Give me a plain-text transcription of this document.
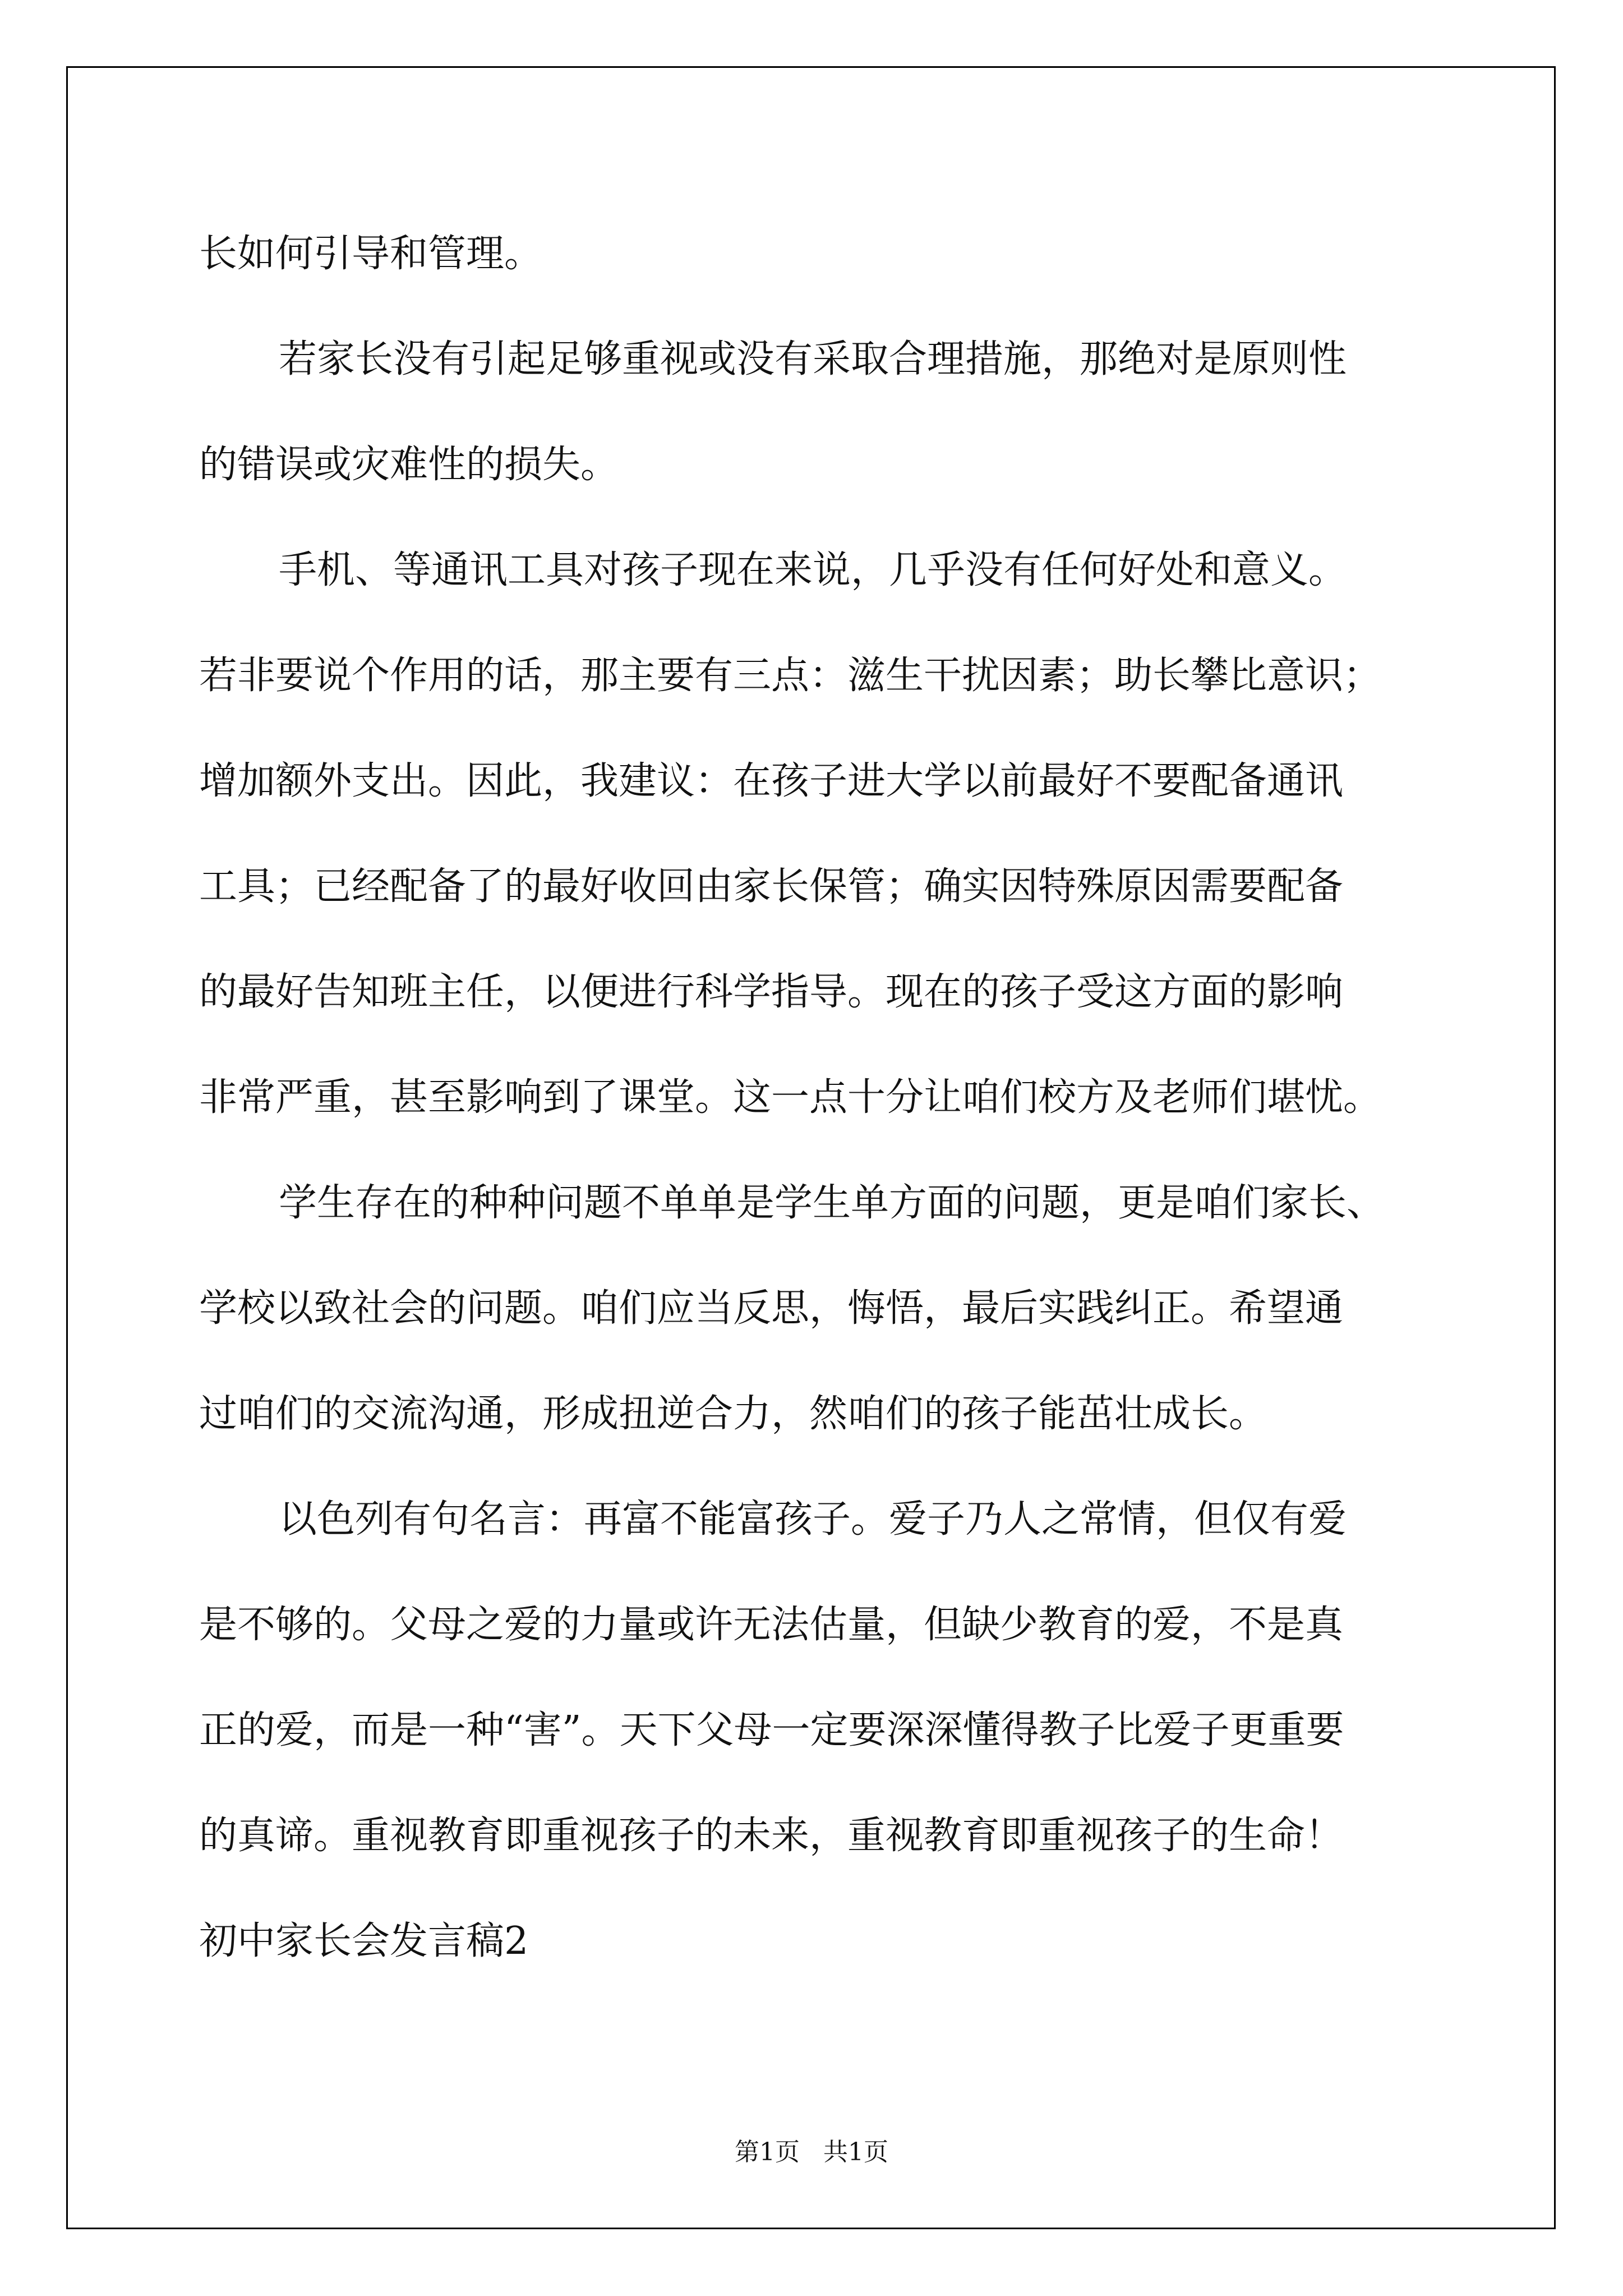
长如何引导和管理。
若家长没有引起足够重视或没有采取合理措施，那绝对是原则性
的错误或灾难性的损失。
手机、等通讯工具对孩子现在来说，几乎没有任何好处和意义。
若非要说个作用的话，那主要有三点：滋生干扰因素；助长攀比意识；
增加额外支出。因此，我建议：在孩子进大学以前最好不要配备通讯
工具；已经配备了的最好收回由家长保管；确实因特殊原因需要配备
的最好告知班主任，以便进行科学指导。现在的孩子受这方面的影响
非常严重，甚至影响到了课堂。这一点十分让咱们校方及老师们堪忧。
学生存在的种种问题不单单是学生单方面的问题，更是咱们家长、
学校以致社会的问题。咱们应当反思，悔悟，最后实践纠正。希望通
过咱们的交流沟通，形成扭逆合力，然咱们的孩子能茁壮成长。
以色列有句名言：再富不能富孩子。爱子乃人之常情，但仅有爱
是不够的。父母之爱的力量或许无法估量，但缺少教育的爱，不是真
正的爱，而是一种“害”。天下父母一定要深深懂得教子比爱子更重要
的真谛。重视教育即重视孩子的未来，重视教育即重视孩子的生命！
初中家长会发言稿2
第1页 共1页
